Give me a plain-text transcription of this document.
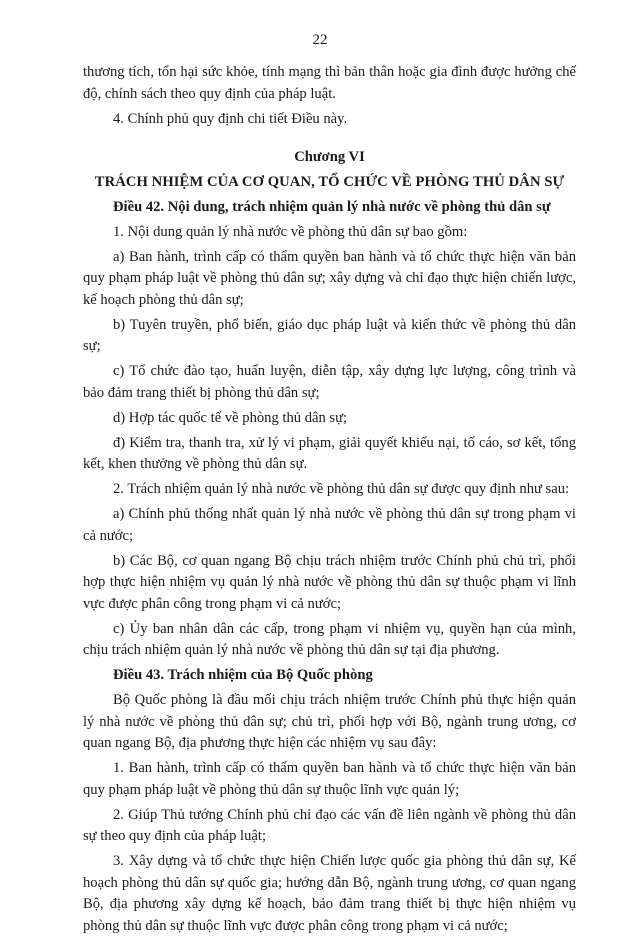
22

thương tích, tổn hại sức khỏe, tính mạng thì bản thân hoặc gia đình được hưởng chế độ, chính sách theo quy định của pháp luật.

4. Chính phủ quy định chi tiết Điều này.

Chương VI

TRÁCH NHIỆM CỦA CƠ QUAN, TỔ CHỨC VỀ PHÒNG THỦ DÂN SỰ

Điều 42. Nội dung, trách nhiệm quản lý nhà nước về phòng thủ dân sự

1. Nội dung quản lý nhà nước về phòng thủ dân sự bao gồm:

a) Ban hành, trình cấp có thẩm quyền ban hành và tổ chức thực hiện văn bản quy phạm pháp luật về phòng thủ dân sự; xây dựng và chỉ đạo thực hiện chiến lược, kế hoạch phòng thủ dân sự;

b) Tuyên truyền, phổ biến, giáo dục pháp luật và kiến thức về phòng thủ dân sự;

c) Tổ chức đào tạo, huấn luyện, diễn tập, xây dựng lực lượng, công trình và bảo đảm trang thiết bị phòng thủ dân sự;

d) Hợp tác quốc tế về phòng thủ dân sự;

đ) Kiểm tra, thanh tra, xử lý vi phạm, giải quyết khiếu nại, tố cáo, sơ kết, tổng kết, khen thưởng về phòng thủ dân sự.

2. Trách nhiệm quản lý nhà nước về phòng thủ dân sự được quy định như sau:

a) Chính phủ thống nhất quản lý nhà nước về phòng thủ dân sự trong phạm vi cả nước;

b) Các Bộ, cơ quan ngang Bộ chịu trách nhiệm trước Chính phủ chủ trì, phối hợp thực hiện nhiệm vụ quản lý nhà nước về phòng thủ dân sự thuộc phạm vi lĩnh vực được phân công trong phạm vi cả nước;

c) Ủy ban nhân dân các cấp, trong phạm vi nhiệm vụ, quyền hạn của mình, chịu trách nhiệm quản lý nhà nước về phòng thủ dân sự tại địa phương.

Điều 43. Trách nhiệm của Bộ Quốc phòng

Bộ Quốc phòng là đầu mối chịu trách nhiệm trước Chính phủ thực hiện quản lý nhà nước về phòng thủ dân sự; chủ trì, phối hợp với Bộ, ngành trung ương, cơ quan ngang Bộ, địa phương thực hiện các nhiệm vụ sau đây:

1. Ban hành, trình cấp có thẩm quyền ban hành và tổ chức thực hiện văn bản quy phạm pháp luật về phòng thủ dân sự thuộc lĩnh vực quản lý;

2. Giúp Thủ tướng Chính phủ chỉ đạo các vấn đề liên ngành về phòng thủ dân sự theo quy định của pháp luật;

3. Xây dựng và tổ chức thực hiện Chiến lược quốc gia phòng thủ dân sự, Kế hoạch phòng thủ dân sự quốc gia; hướng dẫn Bộ, ngành trung ương, cơ quan ngang Bộ, địa phương xây dựng kế hoạch, bảo đảm trang thiết bị thực hiện nhiệm vụ phòng thủ dân sự thuộc lĩnh vực được phân công trong phạm vi cả nước;
